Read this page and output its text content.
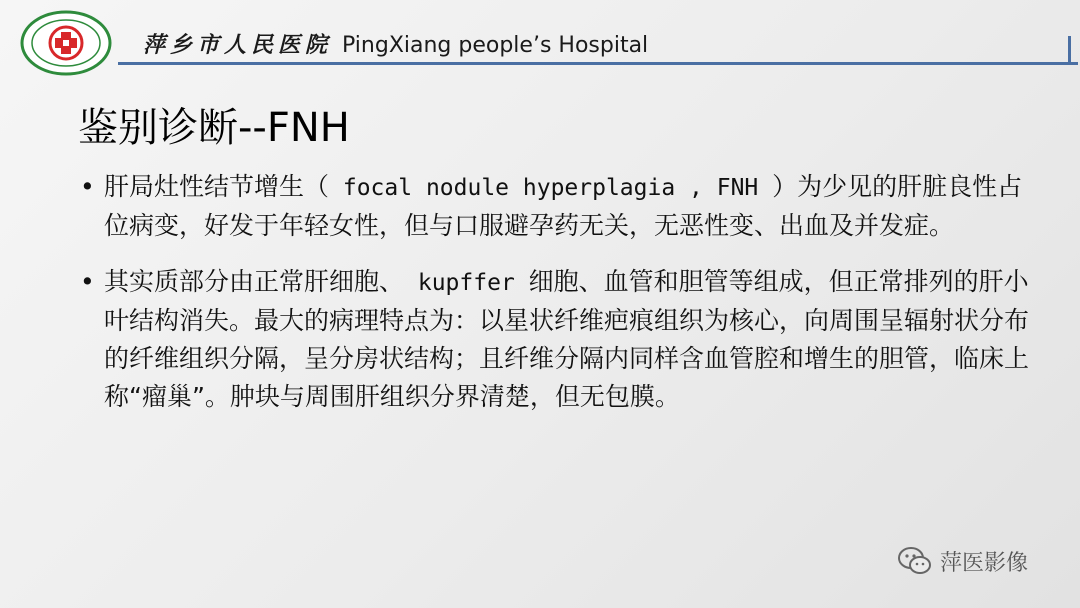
萍乡市人民医院 PingXiang people’s Hospital
鉴别诊断--FNH
• 肝局灶性结节增生（ focal nodule hyperplagia , FNH ）为少见的肝脏良性占位病变，好发于年轻女性，但与口服避孕药无关，无恶性变、出血及并发症。
• 其实质部分由正常肝细胞、 kupffer 细胞、血管和胆管等组成，但正常排列的肝小叶结构消失。最大的病理特点为：以星状纤维疤痕组织为核心，向周围呈辐射状分布的纤维组织分隔，呈分房状结构；且纤维分隔内同样含血管腔和增生的胆管，临床上称“瘤巢”。肿块与周围肝组织分界清楚，但无包膜。
萍医影像
